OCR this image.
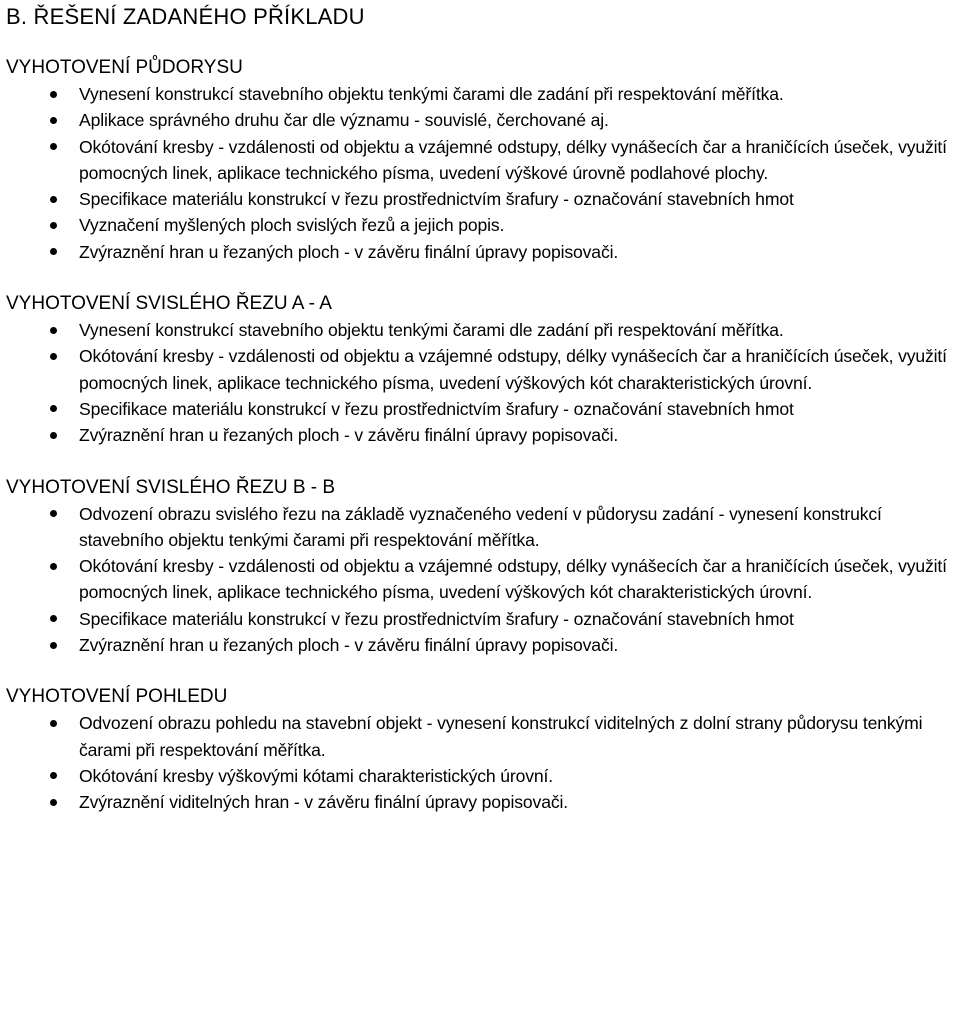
B. ŘEŠENÍ ZADANÉHO PŘÍKLADU
VYHOTOVENÍ PŮDORYSU
Vynesení konstrukcí stavebního objektu tenkými čarami dle zadání při respektování měřítka.
Aplikace správného druhu čar dle významu - souvislé, čerchované aj.
Okótování kresby - vzdálenosti od objektu a vzájemné odstupy, délky vynášecích čar a hraničících úseček, využití pomocných linek, aplikace technického písma, uvedení výškové úrovně podlahové plochy.
Specifikace materiálu konstrukcí v řezu prostřednictvím šrafury - označování stavebních hmot
Vyznačení myšlených ploch svislých řezů a jejich popis.
Zvýraznění hran u řezaných ploch - v závěru finální úpravy popisovači.
VYHOTOVENÍ SVISLÉHO ŘEZU A - A
Vynesení konstrukcí stavebního objektu tenkými čarami dle zadání při respektování měřítka.
Okótování kresby - vzdálenosti od objektu a vzájemné odstupy, délky vynášecích čar a hraničících úseček, využití pomocných linek, aplikace technického písma, uvedení výškových kót charakteristických úrovní.
Specifikace materiálu konstrukcí v řezu prostřednictvím šrafury - označování stavebních hmot
Zvýraznění hran u řezaných ploch - v závěru finální úpravy popisovači.
VYHOTOVENÍ SVISLÉHO ŘEZU B - B
Odvození obrazu svislého řezu na základě vyznačeného vedení v půdorysu zadání - vynesení konstrukcí stavebního objektu tenkými čarami při respektování měřítka.
Okótování kresby - vzdálenosti od objektu a vzájemné odstupy, délky vynášecích čar a hraničících úseček, využití pomocných linek, aplikace technického písma, uvedení výškových kót charakteristických úrovní.
Specifikace materiálu konstrukcí v řezu prostřednictvím šrafury - označování stavebních hmot
Zvýraznění hran u řezaných ploch - v závěru finální úpravy popisovači.
VYHOTOVENÍ POHLEDU
Odvození obrazu pohledu na stavební objekt - vynesení konstrukcí viditelných z dolní strany půdorysu tenkými čarami při respektování měřítka.
Okótování kresby výškovými kótami charakteristických úrovní.
Zvýraznění viditelných hran - v závěru finální úpravy popisovači.
